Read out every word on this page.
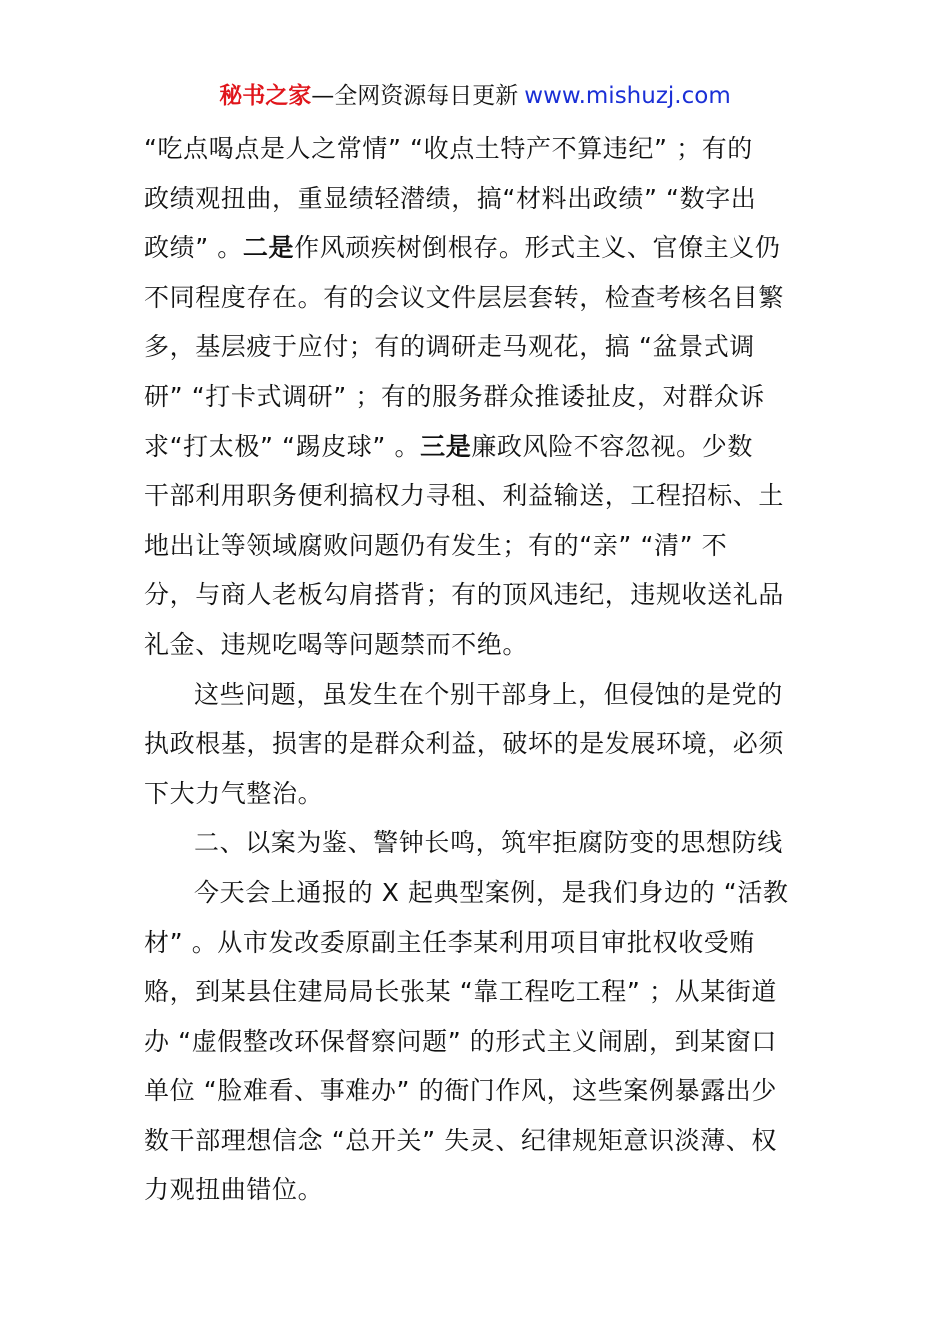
秘书之家—全网资源每日更新 www.mishuzj.com
“吃点喝点是人之常情” “收点土特产不算违纪” ；有的
政绩观扭曲，重显绩轻潜绩，搞“材料出政绩” “数字出
政绩” 。二是作风顽疾树倒根存。形式主义、官僚主义仍
不同程度存在。有的会议文件层层套转，检查考核名目繁
多，基层疲于应付；有的调研走马观花，搞 “盆景式调
研” “打卡式调研” ；有的服务群众推诿扯皮，对群众诉
求“打太极” “踢皮球” 。三是廉政风险不容忽视。少数
干部利用职务便利搞权力寻租、利益输送，工程招标、土
地出让等领域腐败问题仍有发生；有的“亲” “清” 不
分，与商人老板勾肩搭背；有的顶风违纪，违规收送礼品
礼金、违规吃喝等问题禁而不绝。
这些问题，虽发生在个别干部身上，但侵蚀的是党的
执政根基，损害的是群众利益，破坏的是发展环境，必须
下大力气整治。
二、以案为鉴、警钟长鸣，筑牢拒腐防变的思想防线
今天会上通报的 X 起典型案例，是我们身边的 “活教
材” 。从市发改委原副主任李某利用项目审批权收受贿
赂，到某县住建局局长张某 “靠工程吃工程” ；从某街道
办 “虚假整改环保督察问题” 的形式主义闹剧，到某窗口
单位 “脸难看、事难办” 的衙门作风，这些案例暴露出少
数干部理想信念 “总开关” 失灵、纪律规矩意识淡薄、权
力观扭曲错位。
